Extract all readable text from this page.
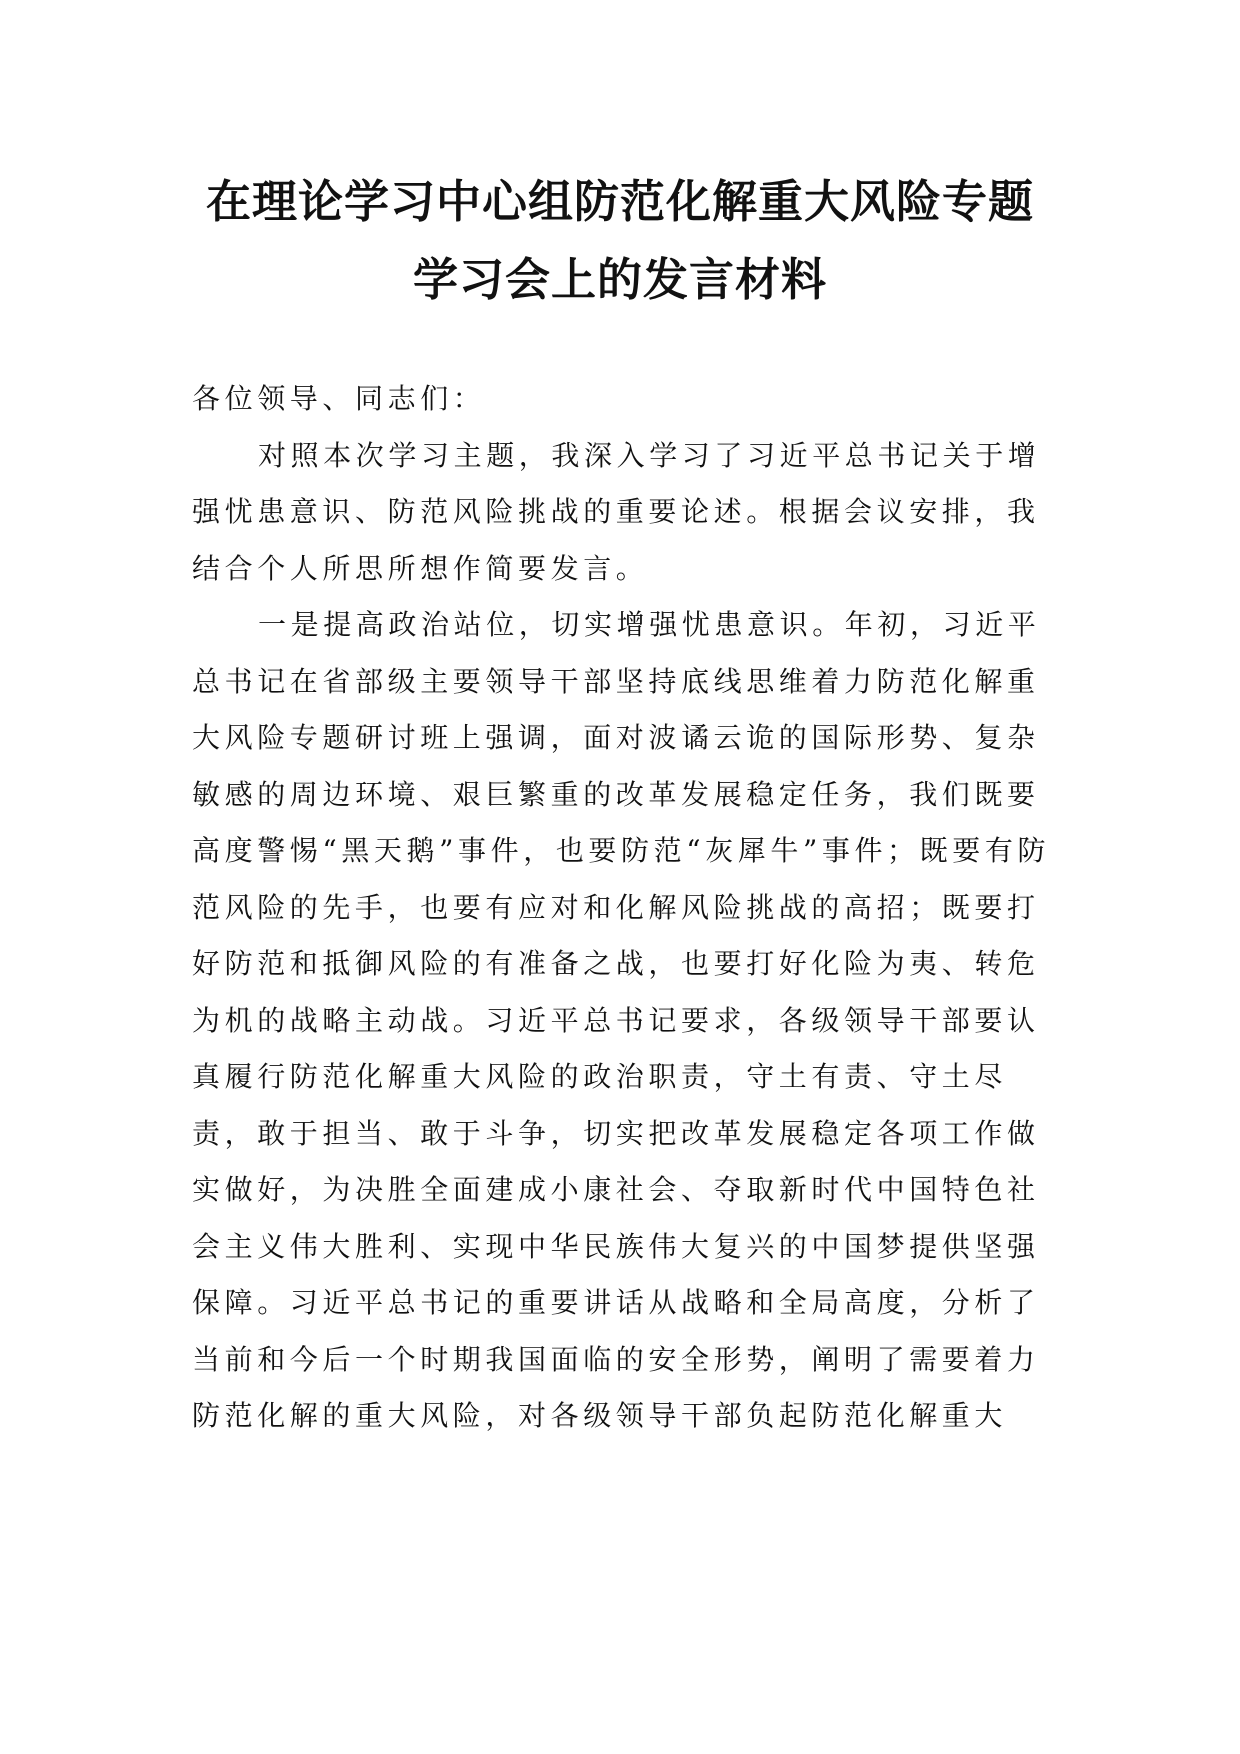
在理论学习中心组防范化解重大风险专题
学习会上的发言材料

各位领导、同志们：

对照本次学习主题，我深入学习了习近平总书记关于增强忧患意识、防范风险挑战的重要论述。根据会议安排，我结合个人所思所想作简要发言。

一是提高政治站位，切实增强忧患意识。年初，习近平总书记在省部级主要领导干部坚持底线思维着力防范化解重大风险专题研讨班上强调，面对波谲云诡的国际形势、复杂敏感的周边环境、艰巨繁重的改革发展稳定任务，我们既要高度警惕“黑天鹅”事件，也要防范“灰犀牛”事件；既要有防范风险的先手，也要有应对和化解风险挑战的高招；既要打好防范和抵御风险的有准备之战，也要打好化险为夷、转危为机的战略主动战。习近平总书记要求，各级领导干部要认真履行防范化解重大风险的政治职责，守土有责、守土尽责，敢于担当、敢于斗争，切实把改革发展稳定各项工作做实做好，为决胜全面建成小康社会、夺取新时代中国特色社会主义伟大胜利、实现中华民族伟大复兴的中国梦提供坚强保障。习近平总书记的重要讲话从战略和全局高度，分析了当前和今后一个时期我国面临的安全形势，阐明了需要着力防范化解的重大风险，对各级领导干部负起防范化解重大
